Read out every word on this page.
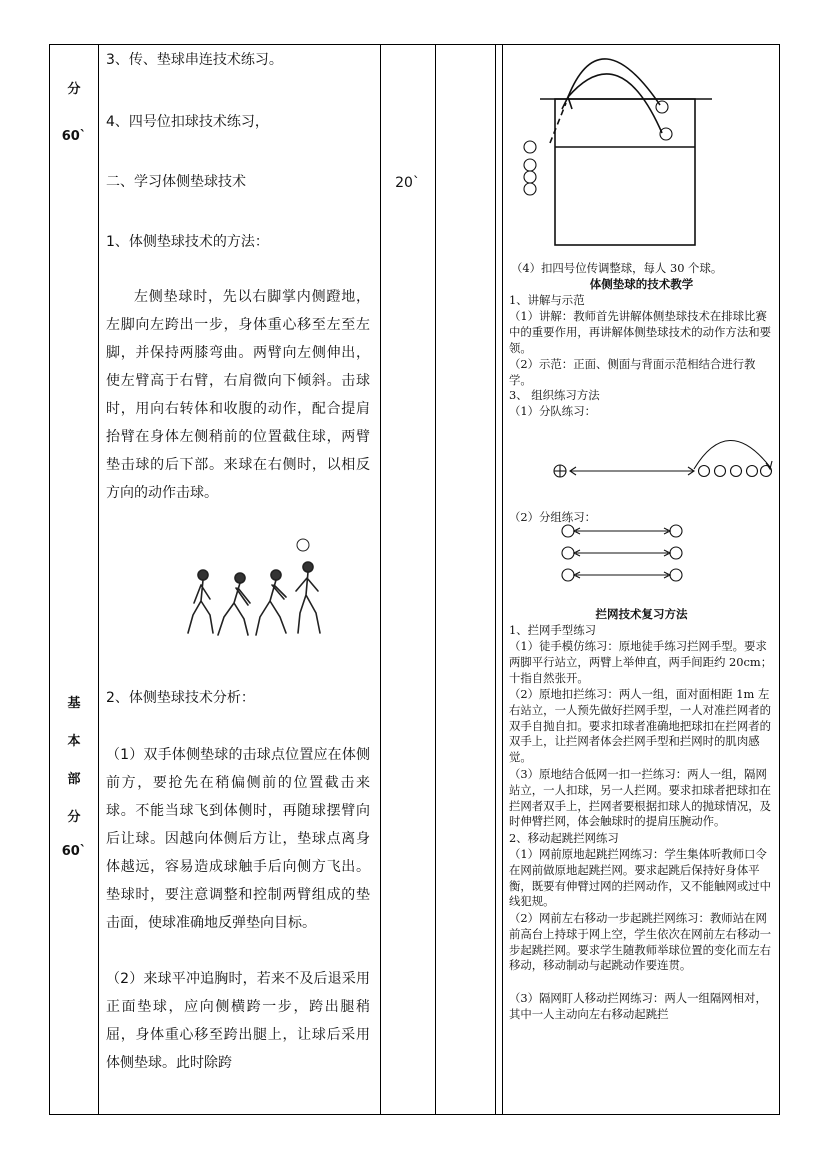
分
60`
基
本
部
分
60`

3、传、垫球串连技术练习。

4、四号位扣球技术练习，

二、学习体侧垫球技术

1、体侧垫球技术的方法：

左侧垫球时，先以右脚掌内侧蹬地，左脚向左跨出一步，身体重心移至左至左脚，并保持两膝弯曲。两臂向左侧伸出，使左臂高于右臂，右肩微向下倾斜。击球时，用向右转体和收腹的动作，配合提肩抬臂在身体左侧稍前的位置截住球，两臂垫击球的后下部。来球在右侧时，以相反方向的动作击球。

2、体侧垫球技术分析：

（1）双手体侧垫球的击球点位置应在体侧前方，要抢先在稍偏侧前的位置截击来球。不能当球飞到体侧时，再随球摆臂向后让球。因越向体侧后方让，垫球点离身体越远，容易造成球触手后向侧方飞出。垫球时，要注意调整和控制两臂组成的垫击面，使球准确地反弹垫向目标。

（2）来球平冲追胸时，若来不及后退采用正面垫球，应向侧横跨一步，跨出腿稍屈，身体重心移至跨出腿上，让球后采用体侧垫球。此时除跨

20`

（4）扣四号位传调整球，每人 30 个球。

体侧垫球的技术教学

1、讲解与示范

（1）讲解：教师首先讲解体侧垫球技术在排球比赛中的重要作用，再讲解体侧垫球技术的动作方法和要领。

（2）示范：正面、侧面与背面示范相结合进行教学。

3、 组织练习方法

（1）分队练习：

（2）分组练习：

拦网技术复习方法

1、拦网手型练习

（1）徒手模仿练习：原地徒手练习拦网手型。要求两脚平行站立，两臂上举伸直，两手间距约 20cm；十指自然张开。

（2）原地扣拦练习：两人一组，面对面相距 1m 左右站立，一人预先做好拦网手型，一人对准拦网者的双手自抛自扣。要求扣球者准确地把球扣在拦网者的双手上，让拦网者体会拦网手型和拦网时的肌肉感觉。

（3）原地结合低网一扣一拦练习：两人一组，隔网站立，一人扣球，另一人拦网。要求扣球者把球扣在拦网者双手上，拦网者要根据扣球人的抛球情况，及时伸臂拦网，体会触球时的提肩压腕动作。

2、移动起跳拦网练习

（1）网前原地起跳拦网练习：学生集体听教师口令在网前做原地起跳拦网。要求起跳后保持好身体平衡，既要有伸臂过网的拦网动作，又不能触网或过中线犯规。

（2）网前左右移动一步起跳拦网练习：教师站在网前高台上持球于网上空，学生依次在网前左右移动一步起跳拦网。要求学生随教师举球位置的变化而左右移动，移动制动与起跳动作要连贯。

（3）隔网盯人移动拦网练习：两人一组隔网相对，其中一人主动向左右移动起跳拦
